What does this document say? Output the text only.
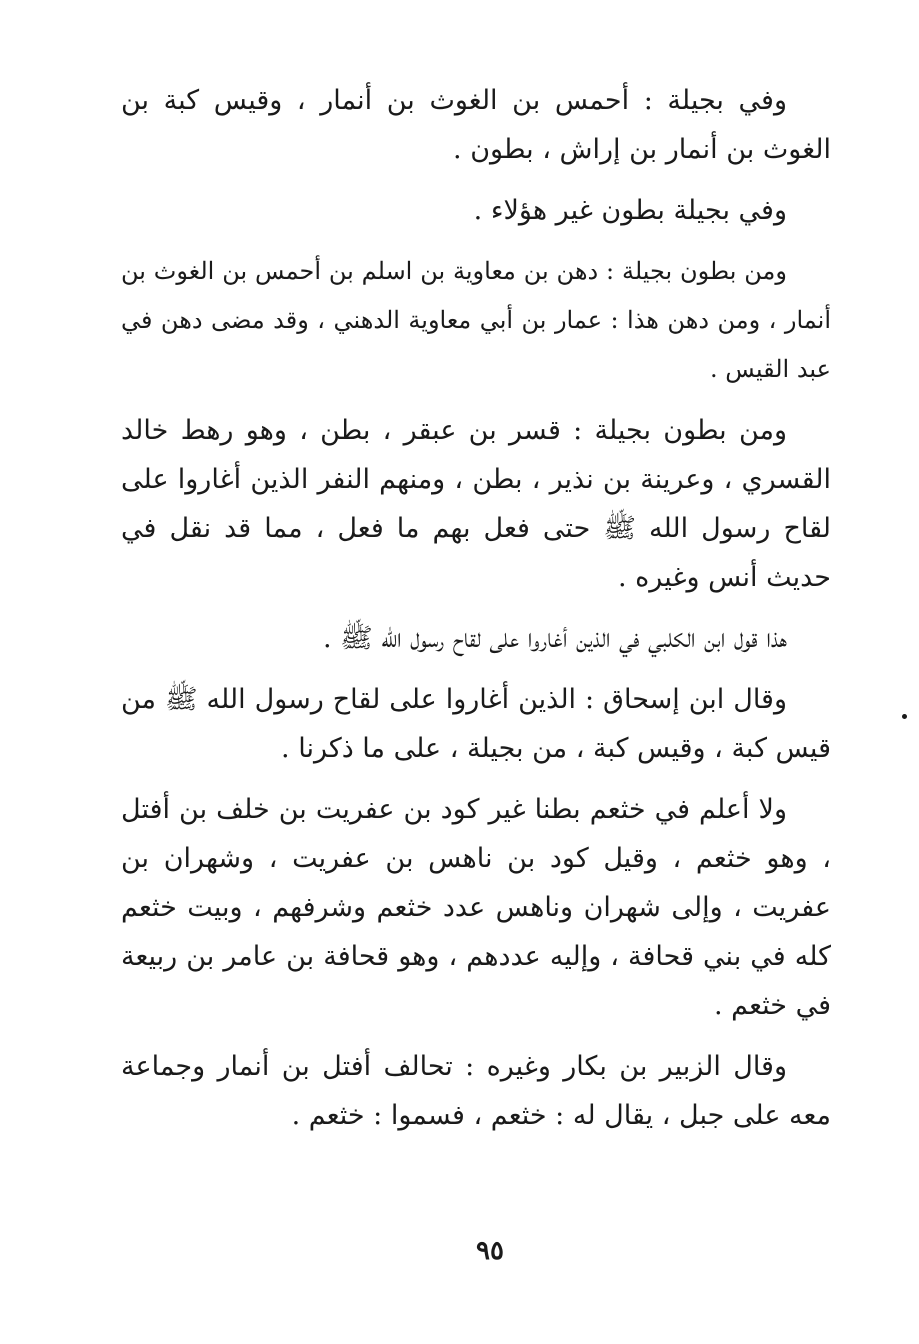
وفي بجيلة : أحمس بن الغوث بن أنمار ، وقيس كبة بن الغوث بن أنمار بن إراش ، بطون .

وفي بجيلة بطون غير هؤلاء .

ومن بطون بجيلة : دهن بن معاوية بن اسلم بن أحمس بن الغوث بن أنمار ، ومن دهن هذا : عمار بن أبي معاوية الدهني ، وقد مضى دهن في عبد القيس .

ومن بطون بجيلة : قسر بن عبقر ، بطن ، وهو رهط خالد القسري ، وعرينة بن نذير ، بطن ، ومنهم النفر الذين أغاروا على لقاح رسول الله ﷺ حتى فعل بهم ما فعل ، مما قد نقل في حديث أنس وغيره .

هذا قول ابن الكلبي في الذين أغاروا على لقاح رسول الله ﷺ .

وقال ابن إسحاق : الذين أغاروا على لقاح رسول الله ﷺ من قيس كبة ، وقيس كبة ، من بجيلة ، على ما ذكرنا .

ولا أعلم في خثعم بطنا غير كود بن عفريت بن خلف بن أفتل ، وهو خثعم ، وقيل كود بن ناهس بن عفريت ، وشهران بن عفريت ، وإلى شهران وناهس عدد خثعم وشرفهم ، وبيت خثعم كله في بني قحافة ، وإليه عددهم ، وهو قحافة بن عامر بن ربيعة في خثعم .

وقال الزبير بن بكار وغيره : تحالف أفتل بن أنمار وجماعة معه على جبل ، يقال له : خثعم ، فسموا : خثعم .

٩٥
